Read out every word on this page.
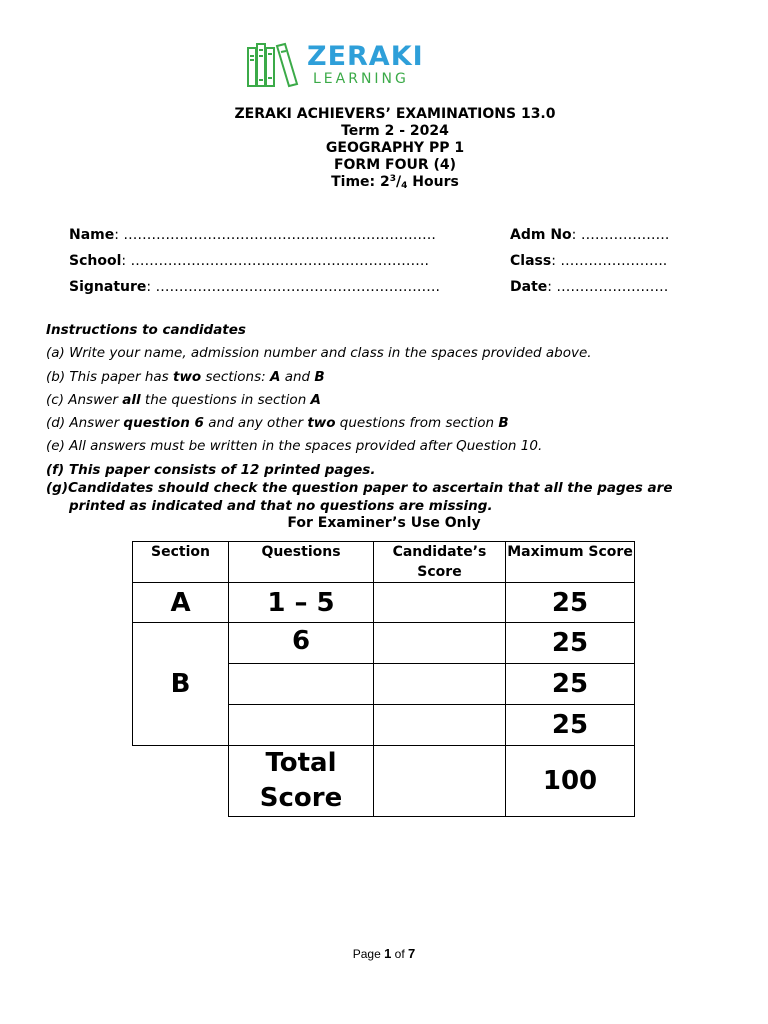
ZERAKI
LEARNING
ZERAKI ACHIEVERS’ EXAMINATIONS 13.0
Term 2 - 2024
GEOGRAPHY PP 1
FORM FOUR (4)
Time: $2^3/_4$ Hours
Name: ………………………………………………………….	Adm No: ……………….
School: ……………………………………………………….	Class: …………………..
Signature: …………………………………………………….	Date: ……………………
Instructions to candidates
(a) Write your name, admission number and class in the spaces provided above.
(b) This paper has two sections: A and B
(c) Answer all the questions in section A
(d) Answer question 6 and any other two questions from section B
(e) All answers must be written in the spaces provided after Question 10.
(f) This paper consists of 12 printed pages.
(g)Candidates should check the question paper to ascertain that all the pages are
printed as indicated and that no questions are missing.
For Examiner’s Use Only
Section	Questions	Candidate’s Score	Maximum Score
A	1 – 5		25
B	6		25
			25
			25
	Total Score		100
Page 1 of 7
